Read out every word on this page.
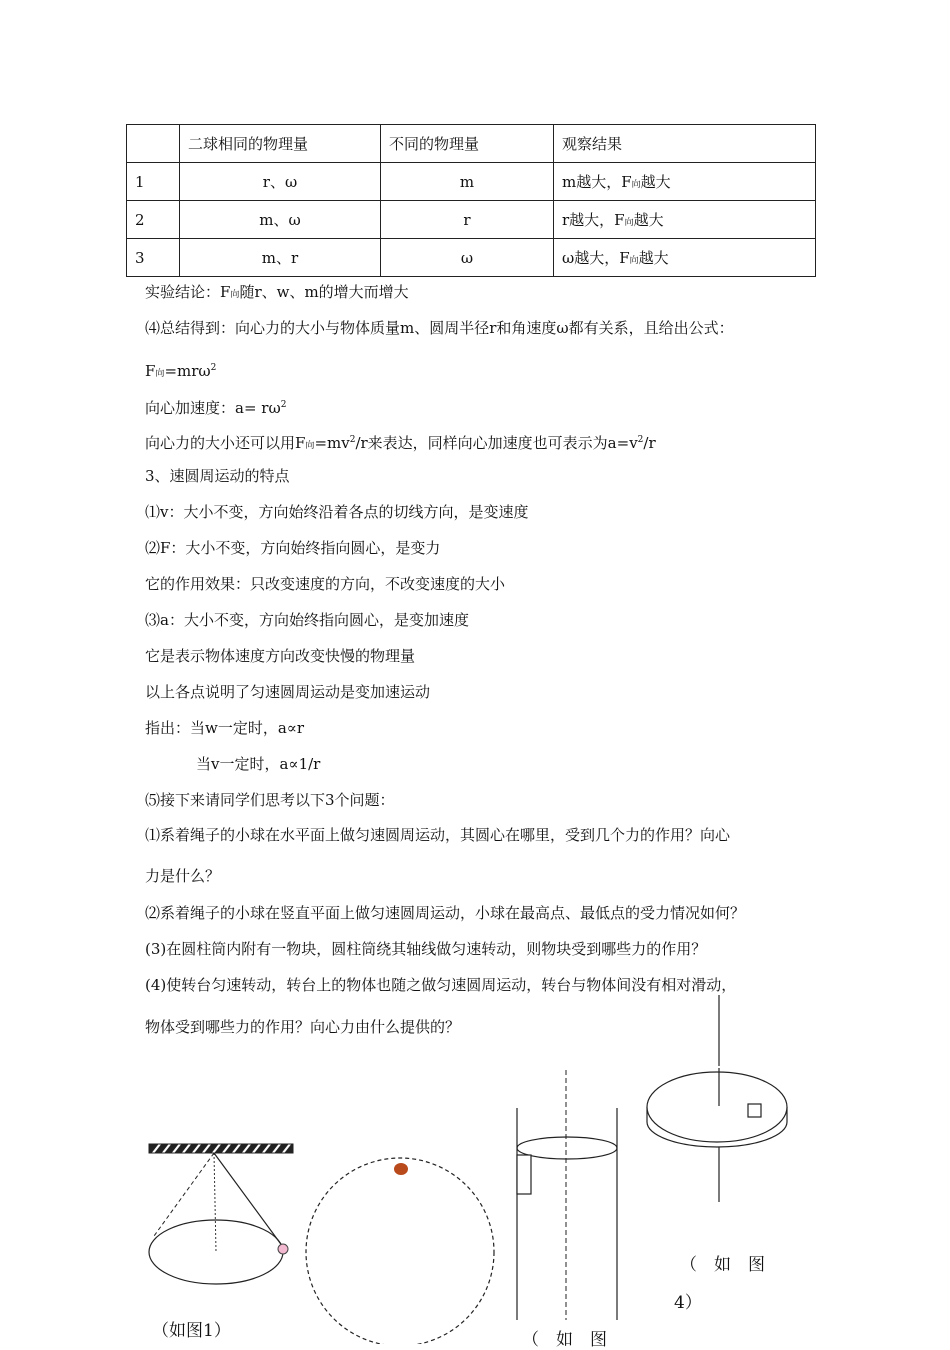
	二球相同的物理量	不同的物理量	观察结果
1	r、ω	m	m越大，F向越大
2	m、ω	r	r越大，F向越大
3	m、r	ω	ω越大，F向越大
实验结论：F向随r、w、m的增大而增大
⑷总结得到：向心力的大小与物体质量m、圆周半径r和角速度ω都有关系，且给出公式：
F向=mrω$^2$
向心加速度：$a= r\omega^2$
向心力的大小还可以用F向$=mv^2/r$来表达，同样向心加速度也可表示为$a=v^2/r$
3、速圆周运动的特点
⑴v：大小不变，方向始终沿着各点的切线方向，是变速度
⑵F：大小不变，方向始终指向圆心，是变力
它的作用效果：只改变速度的方向，不改变速度的大小
⑶a：大小不变，方向始终指向圆心，是变加速度
它是表示物体速度方向改变快慢的物理量
以上各点说明了匀速圆周运动是变加速运动
指出：当w一定时，a∝r
当v一定时，a∝1/r
⑸接下来请同学们思考以下3个问题：
⑴系着绳子的小球在水平面上做匀速圆周运动，其圆心在哪里，受到几个力的作用？向心
力是什么？
⑵系着绳子的小球在竖直平面上做匀速圆周运动，小球在最高点、最低点的受力情况如何？
(3)在圆柱筒内附有一物块，圆柱筒绕其轴线做匀速转动，则物块受到哪些力的作用？
(4)使转台匀速转动，转台上的物体也随之做匀速圆周运动，转台与物体间没有相对滑动，
物体受到哪些力的作用？向心力由什么提供的？
（如图1）	（　如　图
（　如　图
4）
